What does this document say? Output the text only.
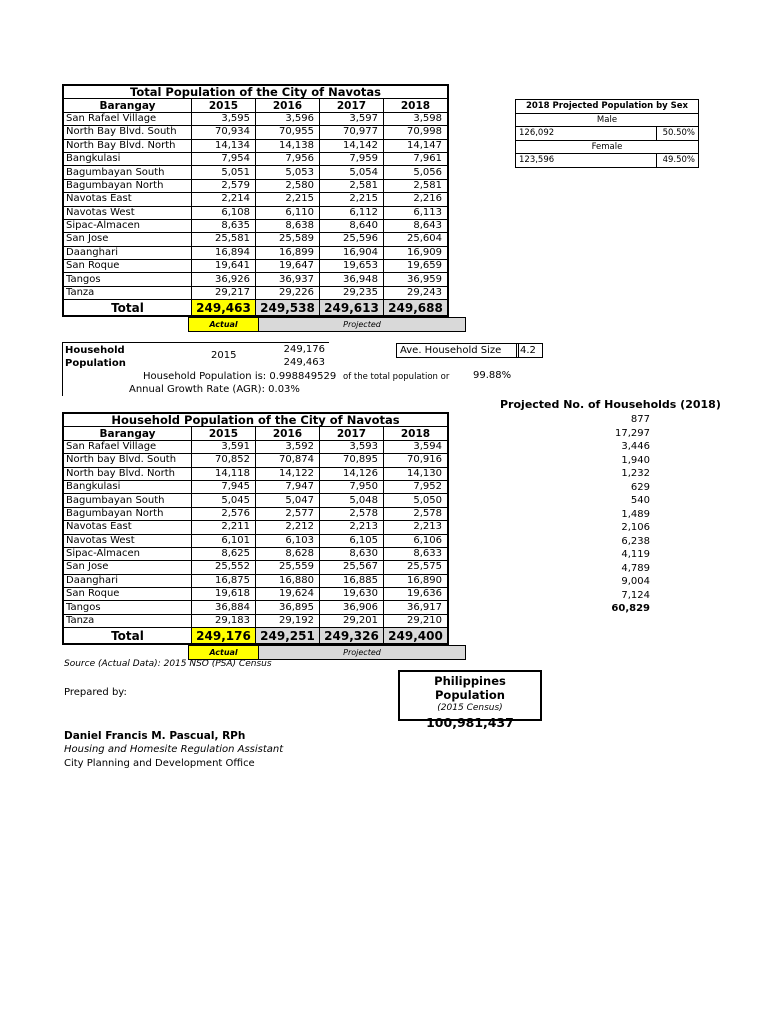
Total Population of the City of Navotas				
Barangay	2015	2016	2017	2018
San Rafael Village	3,595	3,596	3,597	3,598
North Bay Blvd. South	70,934	70,955	70,977	70,998
North Bay Blvd. North	14,134	14,138	14,142	14,147
Bangkulasi	7,954	7,956	7,959	7,961
Bagumbayan South	5,051	5,053	5,054	5,056
Bagumbayan North	2,579	2,580	2,581	2,581
Navotas East	2,214	2,215	2,215	2,216
Navotas West	6,108	6,110	6,112	6,113
Sipac-Almacen	8,635	8,638	8,640	8,643
San Jose	25,581	25,589	25,596	25,604
Daanghari	16,894	16,899	16,904	16,909
San Roque	19,641	19,647	19,653	19,659
Tangos	36,926	36,937	36,948	36,959
Tanza	29,217	29,226	29,235	29,243
Total	249,463	249,538	249,613	249,688
Actual	Projected
2018 Projected Population by Sex	
Male	
126,092	50.50%
Female	
123,596	49.50%
Household Population
2015
249,176
249,463
Household Population is: 0.998849529
Annual Growth Rate (AGR): 0.03%
Ave. Household Size	4.2
of the total population or 99.88%
Projected No. of Households (2018)
877
17,297
3,446
1,940
1,232
629
540
1,489
2,106
6,238
4,119
4,789
9,004
7,124
60,829
Household Population of the City of Navotas				
Barangay	2015	2016	2017	2018
San Rafael Village	3,591	3,592	3,593	3,594
North bay Blvd. South	70,852	70,874	70,895	70,916
North bay Blvd. North	14,118	14,122	14,126	14,130
Bangkulasi	7,945	7,947	7,950	7,952
Bagumbayan South	5,045	5,047	5,048	5,050
Bagumbayan North	2,576	2,577	2,578	2,578
Navotas East	2,211	2,212	2,213	2,213
Navotas West	6,101	6,103	6,105	6,106
Sipac-Almacen	8,625	8,628	8,630	8,633
San Jose	25,552	25,559	25,567	25,575
Daanghari	16,875	16,880	16,885	16,890
San Roque	19,618	19,624	19,630	19,636
Tangos	36,884	36,895	36,906	36,917
Tanza	29,183	29,192	29,201	29,210
Total	249,176	249,251	249,326	249,400
Actual	Projected
Source (Actual Data): 2015 NSO (PSA) Census
Philippines Population
(2015 Census)
100,981,437
Prepared by:
Daniel Francis M. Pascual, RPh
Housing and Homesite Regulation Assistant
City Planning and Development Office
